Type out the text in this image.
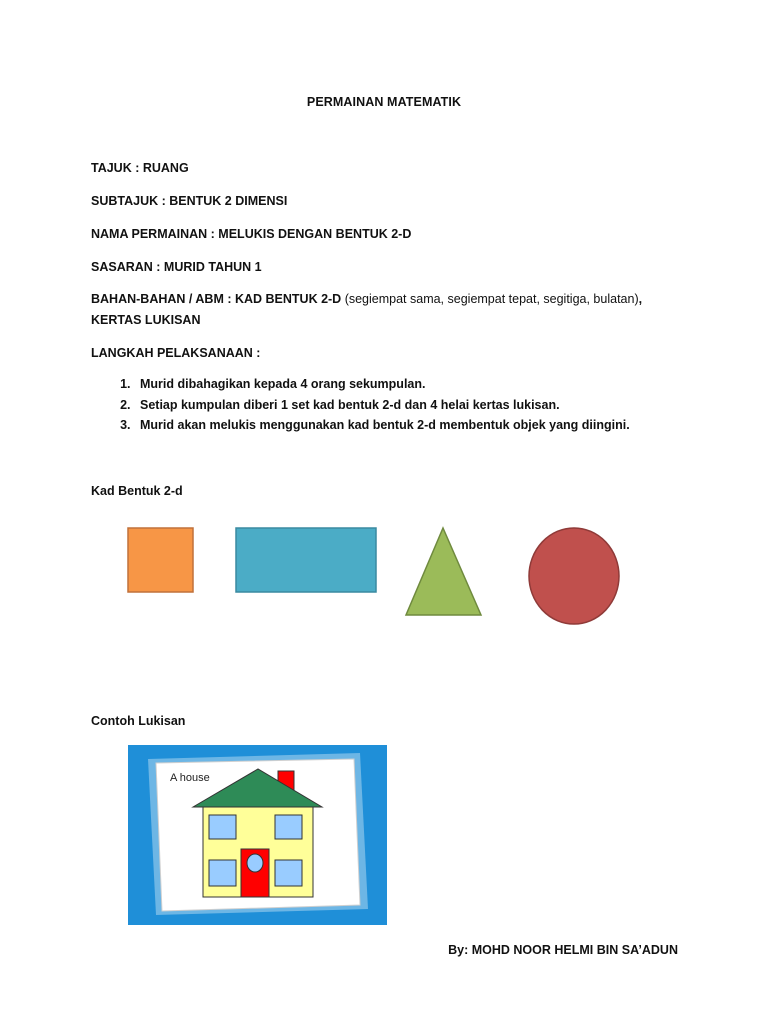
PERMAINAN MATEMATIK
TAJUK : RUANG
SUBTAJUK : BENTUK 2 DIMENSI
NAMA PERMAINAN : MELUKIS DENGAN BENTUK 2-D
SASARAN : MURID TAHUN 1
BAHAN-BAHAN / ABM : KAD BENTUK 2-D (segiempat sama, segiempat tepat, segitiga, bulatan), KERTAS LUKISAN
LANGKAH PELAKSANAAN :
1. Murid dibahagikan kepada 4 orang sekumpulan.
2. Setiap kumpulan diberi 1 set kad bentuk 2-d dan 4 helai kertas lukisan.
3. Murid akan melukis menggunakan kad bentuk 2-d membentuk objek yang diingini.
Kad Bentuk 2-d
Contoh Lukisan
A house
By: MOHD NOOR HELMI BIN SA’ADUN
